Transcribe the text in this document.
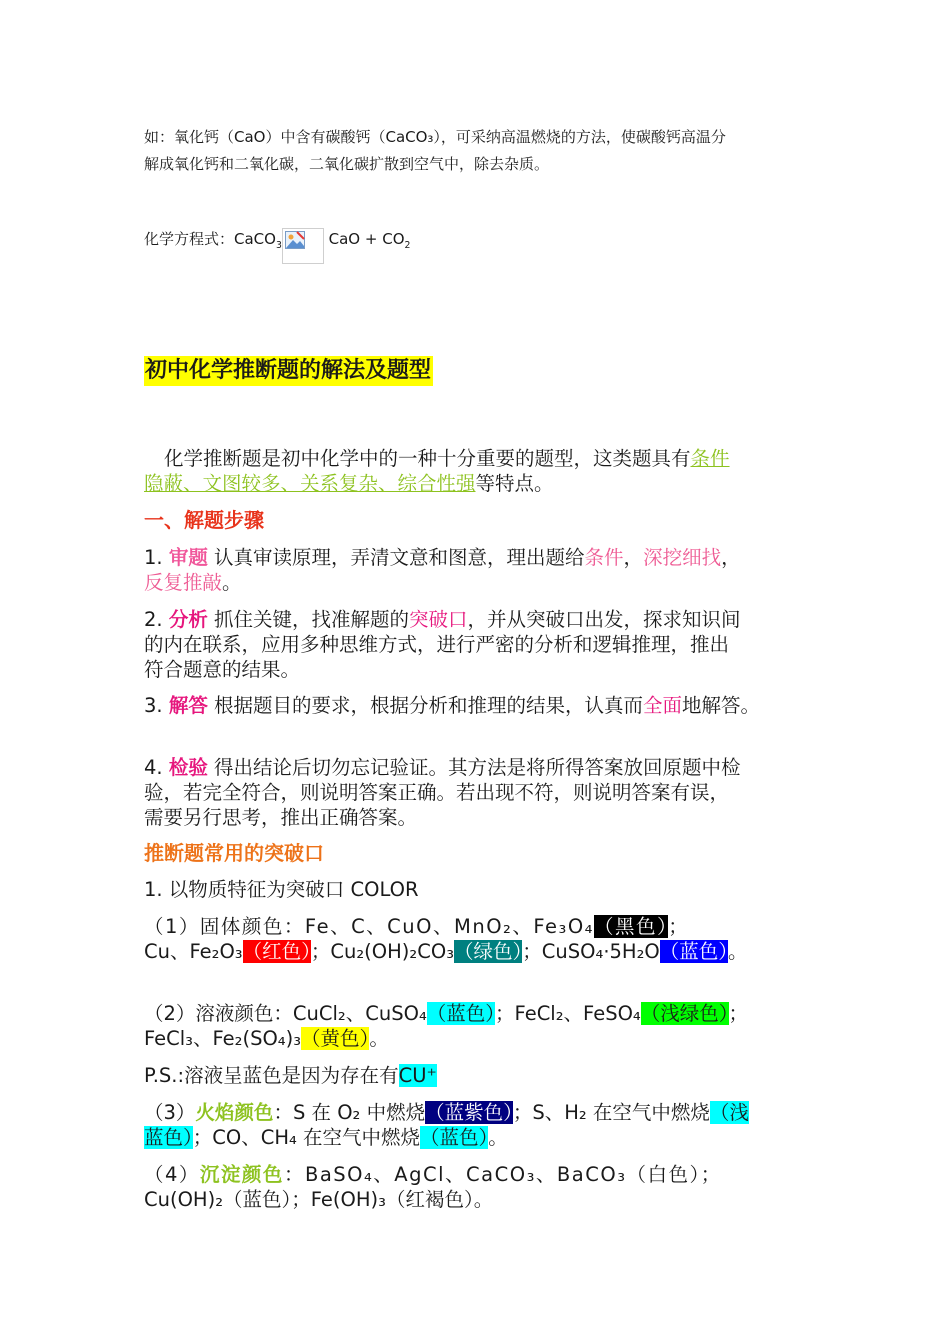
如：氧化钙（CaO）中含有碳酸钙（CaCO₃），可采纳高温燃烧的方法，使碳酸钙高温分
解成氧化钙和二氧化碳，二氧化碳扩散到空气中，除去杂质。
化学方程式：CaCO$_3$	CaO + $CO_2$
初中化学推断题的解法及题型
化学推断题是初中化学中的一种十分重要的题型，这类题具有条件
隐蔽、文图较多、关系复杂、综合性强等特点。
一、解题步骤
1. 审题 认真审读原理，弄清文意和图意，理出题给条件，深挖细找，
反复推敲。
2. 分析 抓住关键，找准解题的突破口，并从突破口出发，探求知识间
的内在联系，应用多种思维方式，进行严密的分析和逻辑推理，推出
符合题意的结果。
3. 解答 根据题目的要求，根据分析和推理的结果，认真而全面地解答。
4. 检验 得出结论后切勿忘记验证。其方法是将所得答案放回原题中检
验，若完全符合，则说明答案正确。若出现不符，则说明答案有误，
需要另行思考，推出正确答案。
推断题常用的突破口
1. 以物质特征为突破口 COLOR
（1）固体颜色：Fe、C、CuO、MnO₂、Fe₃O₄（黑色）；
Cu、Fe₂O₃（红色）；Cu₂(OH)₂CO₃（绿色）；CuSO₄·5H₂O（蓝色）。
（2）溶液颜色：CuCl₂、CuSO₄（蓝色）；FeCl₂、FeSO₄（浅绿色）；
FeCl₃、Fe₂(SO₄)₃（黄色）。
P.S.:溶液呈蓝色是因为存在有CU⁺
（3）火焰颜色：S 在 O₂ 中燃烧（蓝紫色）；S、H₂ 在空气中燃烧（浅
蓝色）；CO、CH₄ 在空气中燃烧（蓝色）。
（4）沉淀颜色：BaSO₄、AgCl、CaCO₃、BaCO₃（白色）；
Cu(OH)₂（蓝色）；Fe(OH)₃（红褐色）。
